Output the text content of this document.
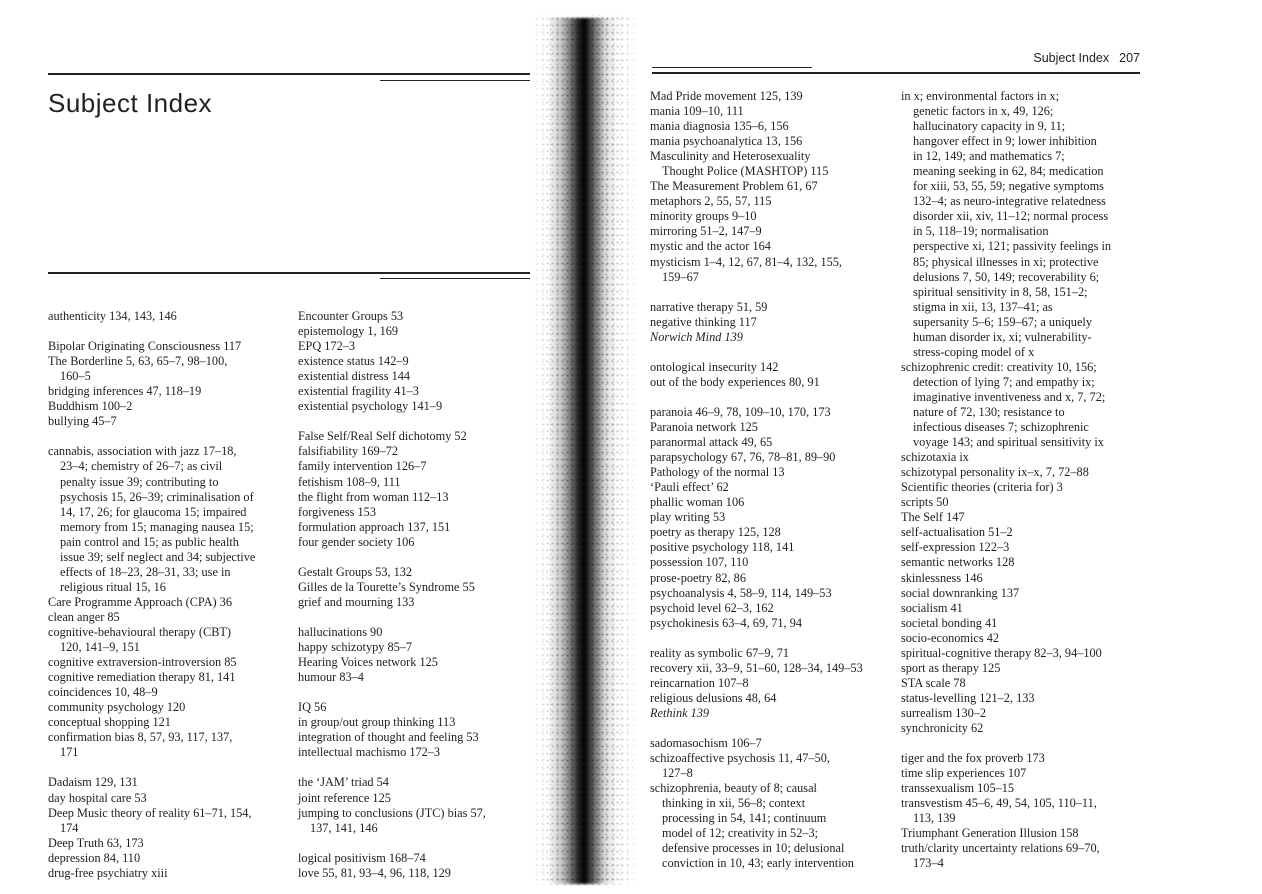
Subject Index
authenticity 134, 143, 146
Bipolar Originating Consciousness 117
The Borderline 5, 63, 65–7, 98–100,
160–5
bridging inferences 47, 118–19
Buddhism 100–2
bullying 45–7
cannabis, association with jazz 17–18,
23–4; chemistry of 26–7; as civil
penalty issue 39; contributing to
psychosis 15, 26–39; criminalisation of
14, 17, 26; for glaucoma 15; impaired
memory from 15; managing nausea 15;
pain control and 15; as public health
issue 39; self neglect and 34; subjective
effects of 18–23, 28–31, 33; use in
religious ritual 15, 16
Care Programme Approach (CPA) 36
clean anger 85
cognitive-behavioural therapy (CBT)
120, 141–9, 151
cognitive extraversion-introversion 85
cognitive remediation therapy 81, 141
coincidences 10, 48–9
community psychology 120
conceptual shopping 121
confirmation bias 8, 57, 93, 117, 137,
171
Dadaism 129, 131
day hospital care 53
Deep Music theory of reality 61–71, 154,
174
Deep Truth 63, 173
depression 84, 110
drug-free psychiatry xiii
Encounter Groups 53
epistemology 1, 169
EPQ 172–3
existence status 142–9
existential distress 144
existential fragility 41–3
existential psychology 141–9
False Self/Real Self dichotomy 52
falsifiability 169–72
family intervention 126–7
fetishism 108–9, 111
the flight from woman 112–13
forgiveness 153
formulation approach 137, 151
four gender society 106
Gestalt Groups 53, 132
Gilles de la Tourette’s Syndrome 55
grief and mourning 133
hallucinations 90
happy schizotypy 85–7
Hearing Voices network 125
humour 83–4
IQ 56
in group/out group thinking 113
integration of thought and feeling 53
intellectual machismo 172–3
the ‘JAM’ triad 54
joint reference 125
jumping to conclusions (JTC) bias 57,
137, 141, 146
logical positivism 168–74
love 55, 81, 93–4, 96, 118, 129
Subject Index 207
Mad Pride movement 125, 139
mania 109–10, 111
mania diagnosia 135–6, 156
mania psychoanalytica 13, 156
Masculinity and Heterosexuality
Thought Police (MASHTOP) 115
The Measurement Problem 61, 67
metaphors 2, 55, 57, 115
minority groups 9–10
mirroring 51–2, 147–9
mystic and the actor 164
mysticism 1–4, 12, 67, 81–4, 132, 155,
159–67
narrative therapy 51, 59
negative thinking 117
Norwich Mind 139
ontological insecurity 142
out of the body experiences 80, 91
paranoia 46–9, 78, 109–10, 170, 173
Paranoia network 125
paranormal attack 49, 65
parapsychology 67, 76, 78–81, 89–90
Pathology of the normal 13
‘Pauli effect’ 62
phallic woman 106
play writing 53
poetry as therapy 125, 128
positive psychology 118, 141
possession 107, 110
prose-poetry 82, 86
psychoanalysis 4, 58–9, 114, 149–53
psychoid level 62–3, 162
psychokinesis 63–4, 69, 71, 94
reality as symbolic 67–9, 71
recovery xii, 33–9, 51–60, 128–34, 149–53
reincarnation 107–8
religious delusions 48, 64
Rethink 139
sadomasochism 106–7
schizoaffective psychosis 11, 47–50,
127–8
schizophrenia, beauty of 8; causal
thinking in xii, 56–8; context
processing in 54, 141; continuum
model of 12; creativity in 52–3;
defensive processes in 10; delusional
conviction in 10, 43; early intervention
in x; environmental factors in x;
genetic factors in x, 49, 126;
hallucinatory capacity in 9, 11;
hangover effect in 9; lower inhibition
in 12, 149; and mathematics 7;
meaning seeking in 62, 84; medication
for xiii, 53, 55, 59; negative symptoms
132–4; as neuro-integrative relatedness
disorder xii, xiv, 11–12; normal process
in 5, 118–19; normalisation
perspective xi, 121; passivity feelings in
85; physical illnesses in xi; protective
delusions 7, 50, 149; recoverability 6;
spiritual sensitivity in 8, 58, 151–2;
stigma in xii, 13, 137–41; as
supersanity 5–6; 159–67; a uniquely
human disorder ix, xi; vulnerability-
stress-coping model of x
schizophrenic credit: creativity 10, 156;
detection of lying 7; and empathy ix;
imaginative inventiveness and x, 7, 72;
nature of 72, 130; resistance to
infectious diseases 7; schizophrenic
voyage 143; and spiritual sensitivity ix
schizotaxia ix
schizotypal personality ix–x, 7, 72–88
Scientific theories (criteria for) 3
scripts 50
The Self 147
self-actualisation 51–2
self-expression 122–3
semantic networks 128
skinlessness 146
social downranking 137
socialism 41
societal bonding 41
socio-economics 42
spiritual-cognitive therapy 82–3, 94–100
sport as therapy 125
STA scale 78
status-levelling 121–2, 133
surrealism 130–2
synchronicity 62
tiger and the fox proverb 173
time slip experiences 107
transsexualism 105–15
transvestism 45–6, 49, 54, 105, 110–11,
113, 139
Triumphant Generation Illusion 158
truth/clarity uncertainty relations 69–70,
173–4
